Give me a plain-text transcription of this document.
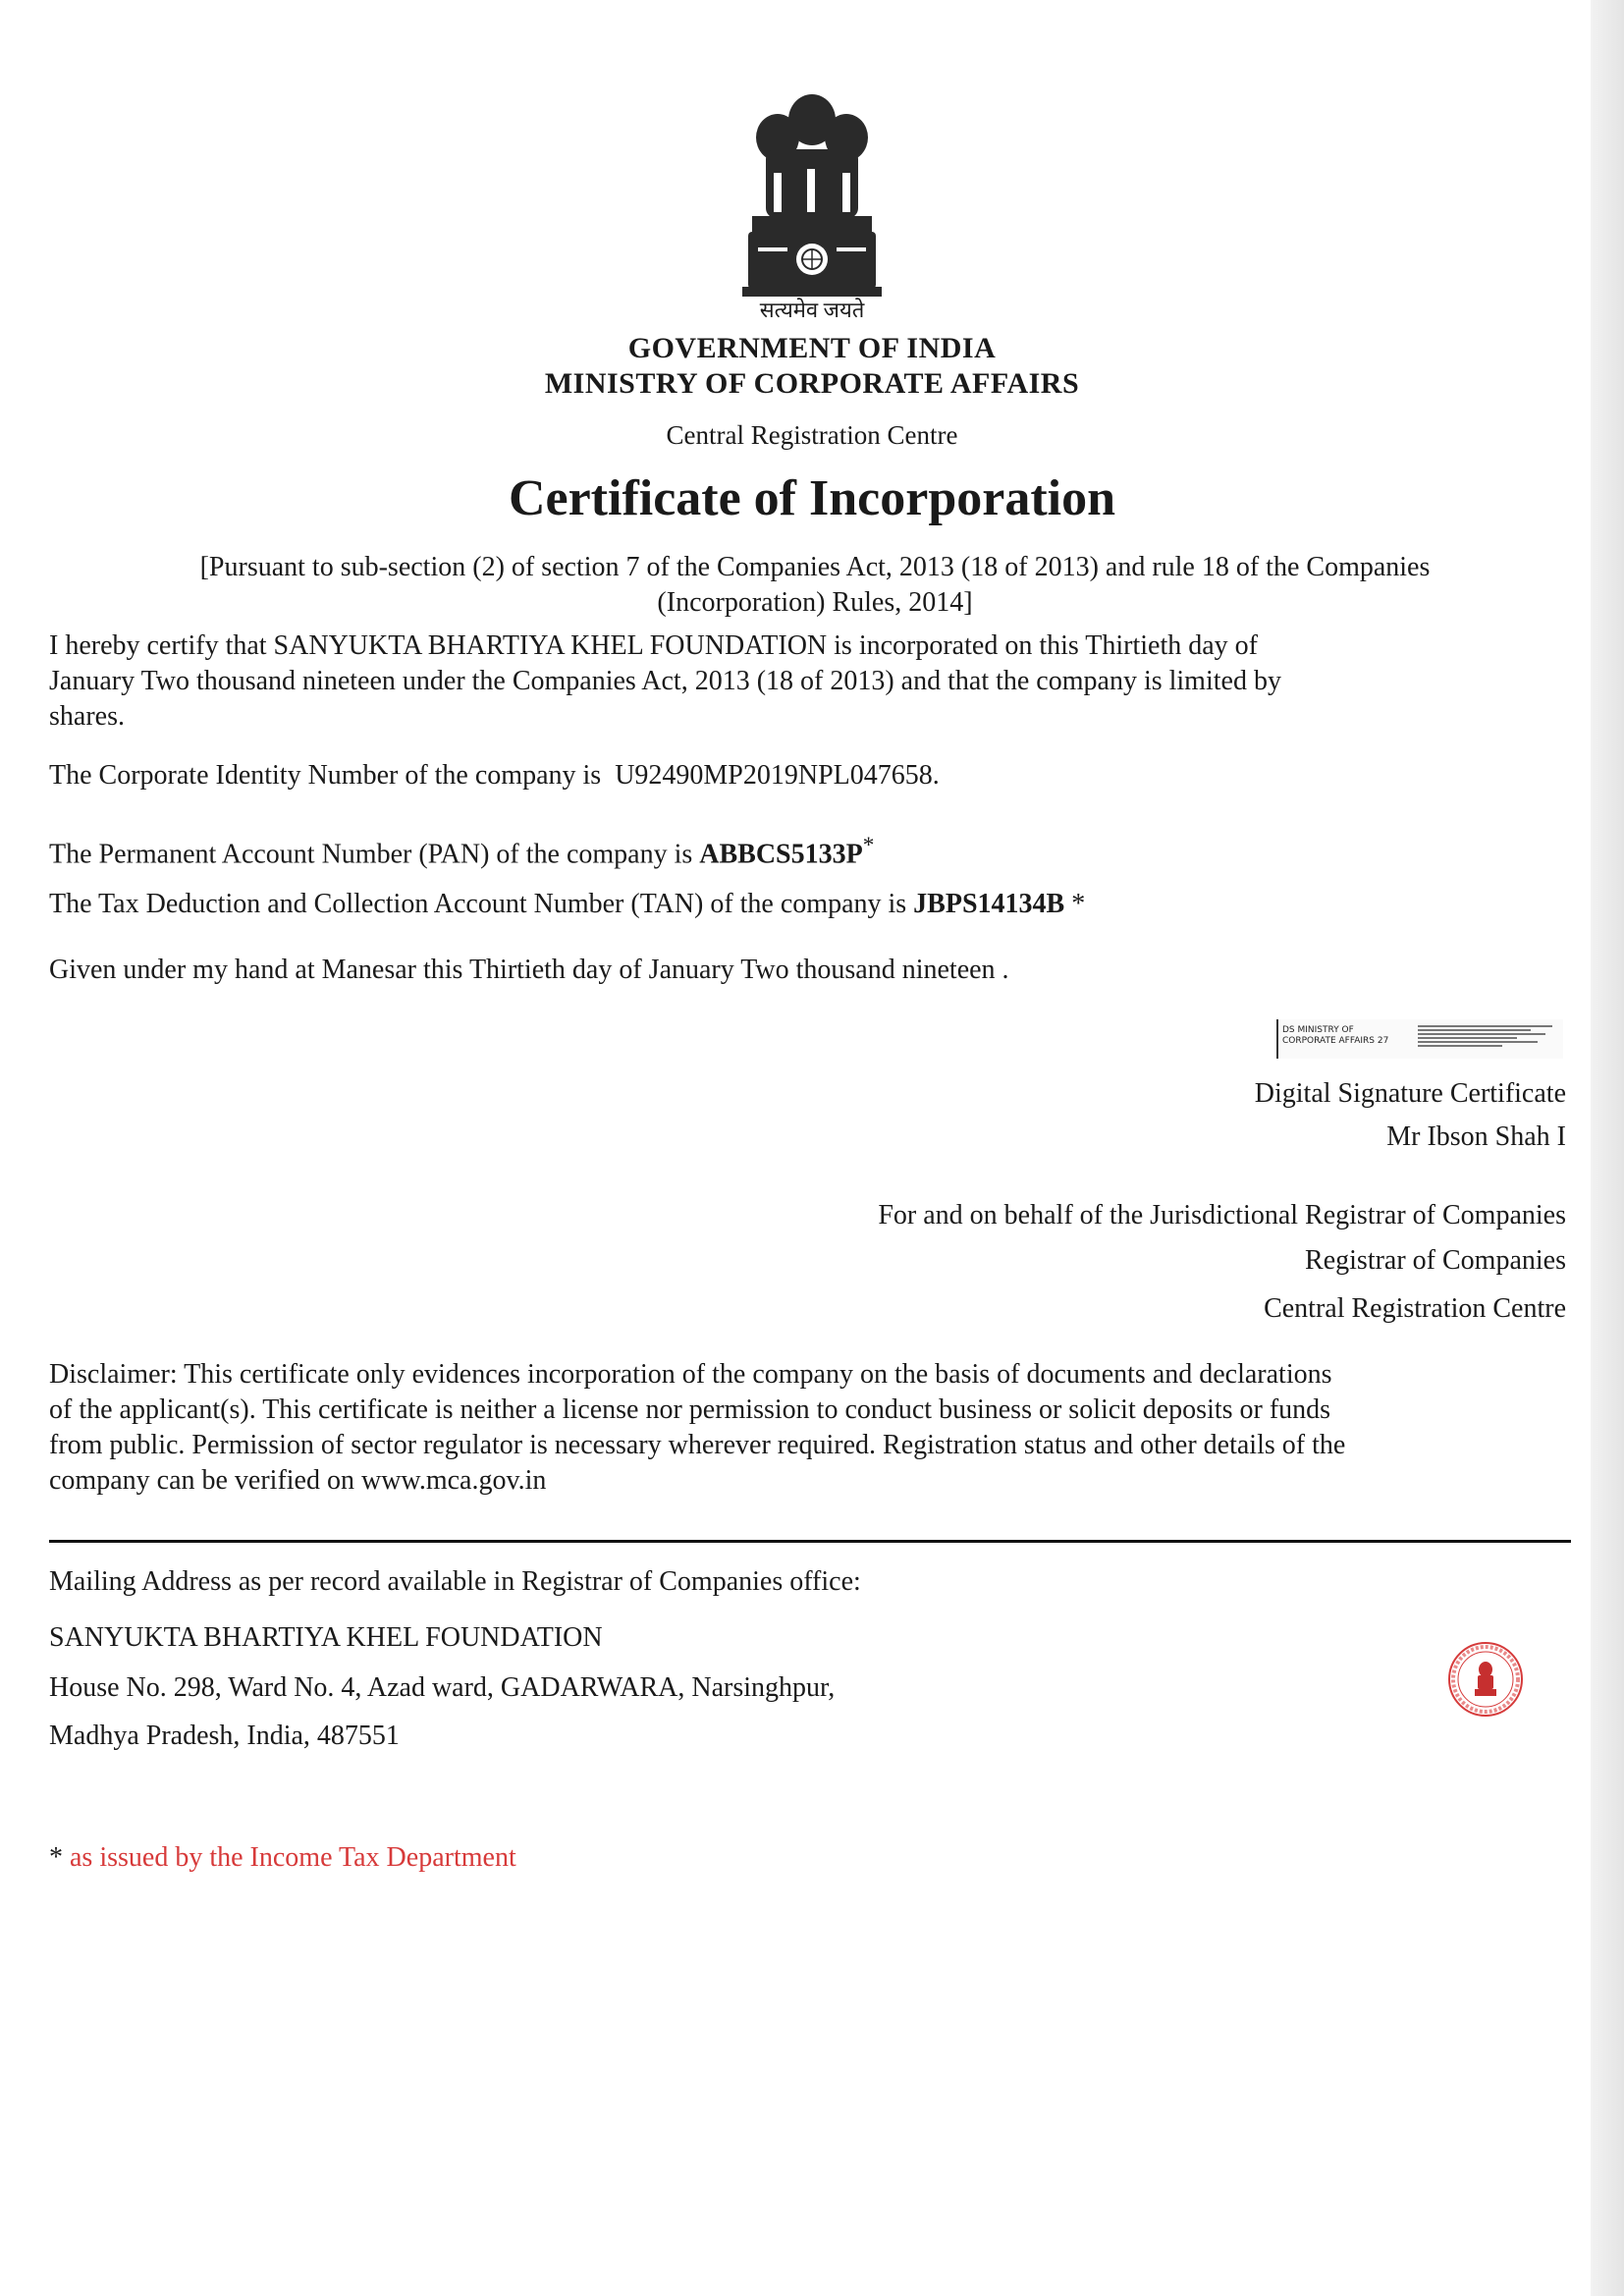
सत्यमेव जयते
GOVERNMENT OF INDIA
MINISTRY OF CORPORATE AFFAIRS
Central Registration Centre
Certificate of Incorporation
[Pursuant to sub-section (2) of section 7 of the Companies Act, 2013 (18 of 2013) and rule 18 of the Companies
(Incorporation) Rules, 2014]
I hereby certify that SANYUKTA BHARTIYA KHEL FOUNDATION is incorporated on this Thirtieth day of
January Two thousand nineteen under the Companies Act, 2013 (18 of 2013) and that the company is limited by
shares.
The Corporate Identity Number of the company is U92490MP2019NPL047658.
The Permanent Account Number (PAN) of the company is ABBCS5133P*
The Tax Deduction and Collection Account Number (TAN) of the company is JBPS14134B *
Given under my hand at Manesar this Thirtieth day of January Two thousand nineteen .
DS MINISTRY OF
CORPORATE AFFAIRS 27
Digital Signature Certificate
Mr Ibson Shah I
For and on behalf of the Jurisdictional Registrar of Companies
Registrar of Companies
Central Registration Centre
Disclaimer: This certificate only evidences incorporation of the company on the basis of documents and declarations
of the applicant(s). This certificate is neither a license nor permission to conduct business or solicit deposits or funds
from public. Permission of sector regulator is necessary wherever required. Registration status and other details of the
company can be verified on www.mca.gov.in
Mailing Address as per record available in Registrar of Companies office:
SANYUKTA BHARTIYA KHEL FOUNDATION
House No. 298, Ward No. 4, Azad ward, GADARWARA, Narsinghpur,
Madhya Pradesh, India, 487551
* as issued by the Income Tax Department
